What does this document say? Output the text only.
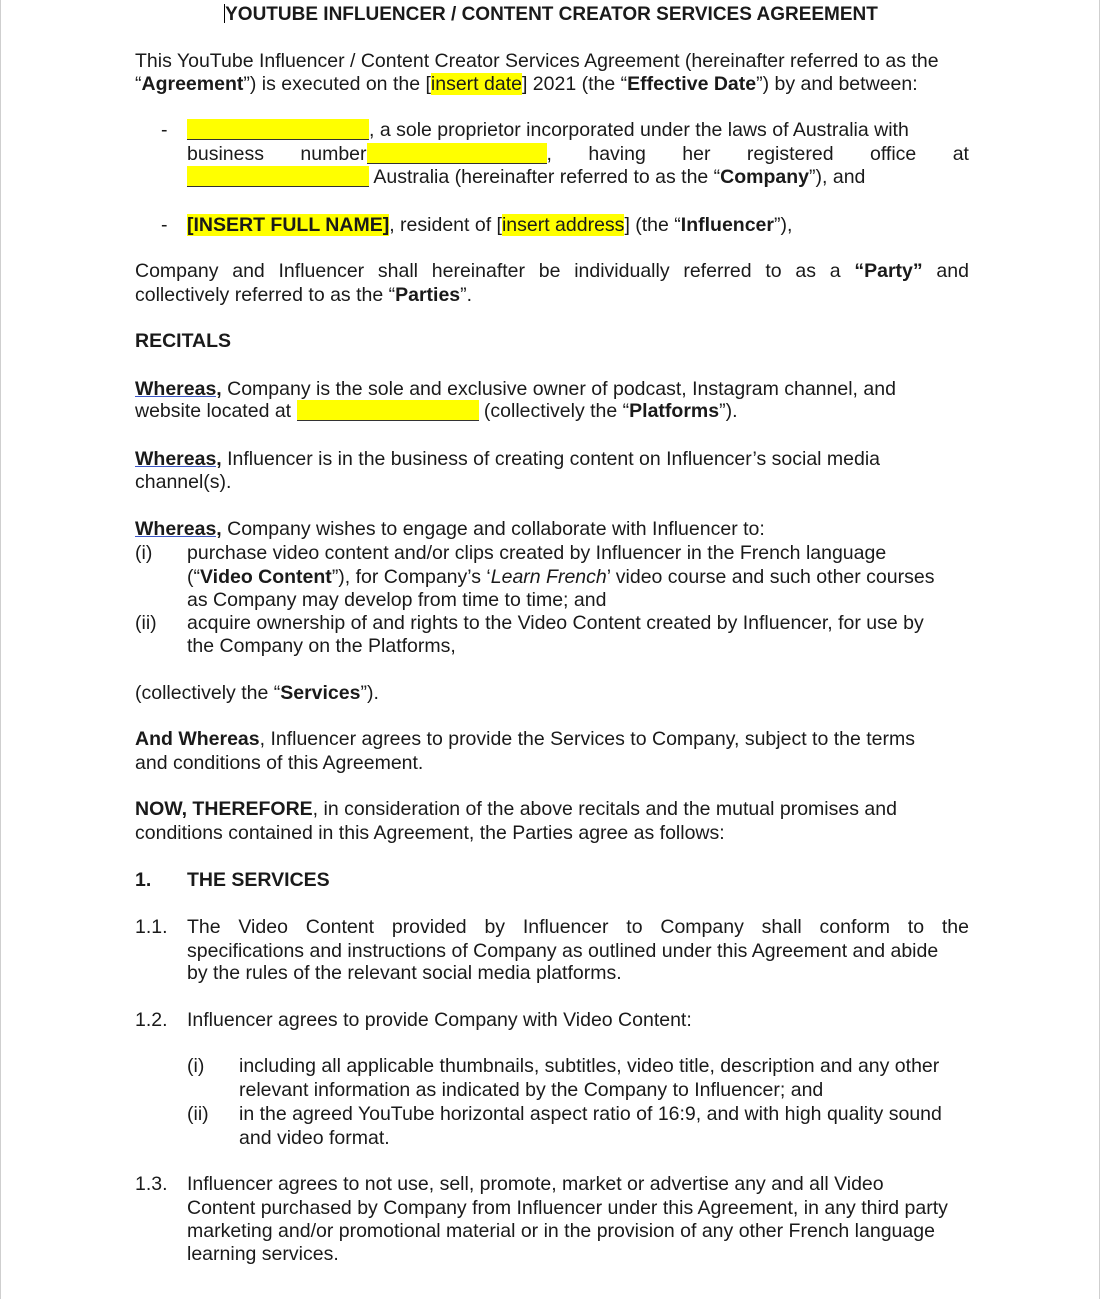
YOUTUBE INFLUENCER / CONTENT CREATOR SERVICES AGREEMENT
This YouTube Influencer / Content Creator Services Agreement (hereinafter referred to as the
“Agreement”) is executed on the [insert date] 2021 (the “Effective Date”) by and between:
-	, a sole proprietor incorporated under the laws of Australia with
business number	, having her registered office at
Australia (hereinafter referred to as the “Company”), and
- [INSERT FULL NAME], resident of [insert address] (the “Influencer”),
Company and Influencer shall hereinafter be individually referred to as a “Party” and
collectively referred to as the “Parties”.
RECITALS
Whereas, Company is the sole and exclusive owner of podcast, Instagram channel, and
website located at	(collectively the “Platforms”).
Whereas, Influencer is in the business of creating content on Influencer’s social media
channel(s).
Whereas, Company wishes to engage and collaborate with Influencer to:
(i) purchase video content and/or clips created by Influencer in the French language
(“Video Content”), for Company’s ‘Learn French’ video course and such other courses
as Company may develop from time to time; and
(ii) acquire ownership of and rights to the Video Content created by Influencer, for use by
the Company on the Platforms,
(collectively the “Services”).
And Whereas, Influencer agrees to provide the Services to Company, subject to the terms
and conditions of this Agreement.
NOW, THEREFORE, in consideration of the above recitals and the mutual promises and
conditions contained in this Agreement, the Parties agree as follows:
1. THE SERVICES
1.1. The Video Content provided by Influencer to Company shall conform to the
specifications and instructions of Company as outlined under this Agreement and abide
by the rules of the relevant social media platforms.
1.2. Influencer agrees to provide Company with Video Content:
(i) including all applicable thumbnails, subtitles, video title, description and any other
relevant information as indicated by the Company to Influencer; and
(ii) in the agreed YouTube horizontal aspect ratio of 16:9, and with high quality sound
and video format.
1.3. Influencer agrees to not use, sell, promote, market or advertise any and all Video
Content purchased by Company from Influencer under this Agreement, in any third party
marketing and/or promotional material or in the provision of any other French language
learning services.
